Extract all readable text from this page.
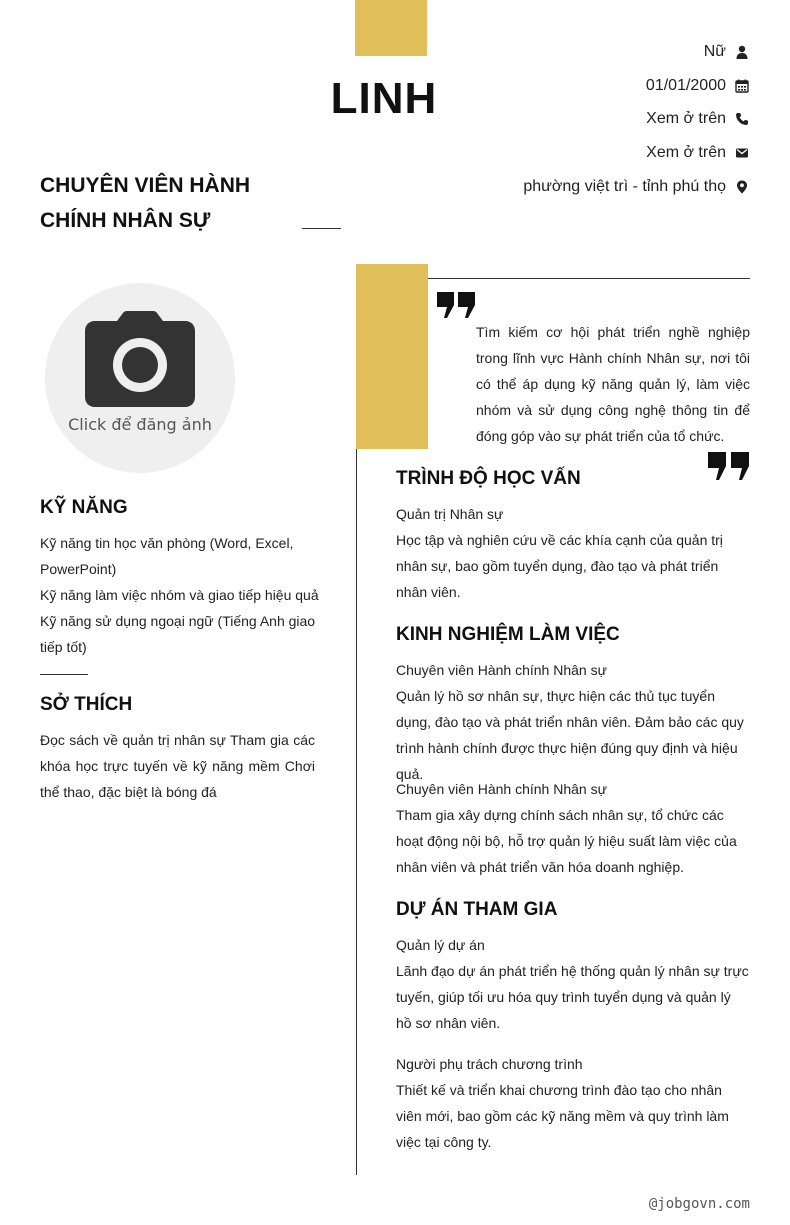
LINH
CHUYÊN VIÊN HÀNH
CHÍNH NHÂN SỰ
Nữ
01/01/2000
Xem ở trên
Xem ở trên
phường việt trì - tỉnh phú thọ
Click để đăng ảnh
KỸ NĂNG
Kỹ năng tin học văn phòng (Word, Excel, PowerPoint)
Kỹ năng làm việc nhóm và giao tiếp hiệu quả
Kỹ năng sử dụng ngoại ngữ (Tiếng Anh giao tiếp tốt)
SỞ THÍCH
Đọc sách về quản trị nhân sự Tham gia các khóa học trực tuyến về kỹ năng mềm Chơi thể thao, đặc biệt là bóng đá
Tìm kiếm cơ hội phát triển nghề nghiệp trong lĩnh vực Hành chính Nhân sự, nơi tôi có thể áp dụng kỹ năng quản lý, làm việc nhóm và sử dụng công nghệ thông tin để đóng góp vào sự phát triển của tổ chức.
TRÌNH ĐỘ HỌC VẤN
Quản trị Nhân sự
Học tập và nghiên cứu về các khía cạnh của quản trị nhân sự, bao gồm tuyển dụng, đào tạo và phát triển nhân viên.
KINH NGHIỆM LÀM VIỆC
Chuyên viên Hành chính Nhân sự
Quản lý hồ sơ nhân sự, thực hiện các thủ tục tuyển dụng, đào tạo và phát triển nhân viên. Đảm bảo các quy trình hành chính được thực hiện đúng quy định và hiệu quả.
Chuyên viên Hành chính Nhân sự
Tham gia xây dựng chính sách nhân sự, tổ chức các hoạt động nội bộ, hỗ trợ quản lý hiệu suất làm việc của nhân viên và phát triển văn hóa doanh nghiệp.
DỰ ÁN THAM GIA
Quản lý dự án
Lãnh đạo dự án phát triển hệ thống quản lý nhân sự trực tuyến, giúp tối ưu hóa quy trình tuyển dụng và quản lý hồ sơ nhân viên.
Người phụ trách chương trình
Thiết kế và triển khai chương trình đào tạo cho nhân viên mới, bao gồm các kỹ năng mềm và quy trình làm việc tại công ty.
@jobgovn.com
